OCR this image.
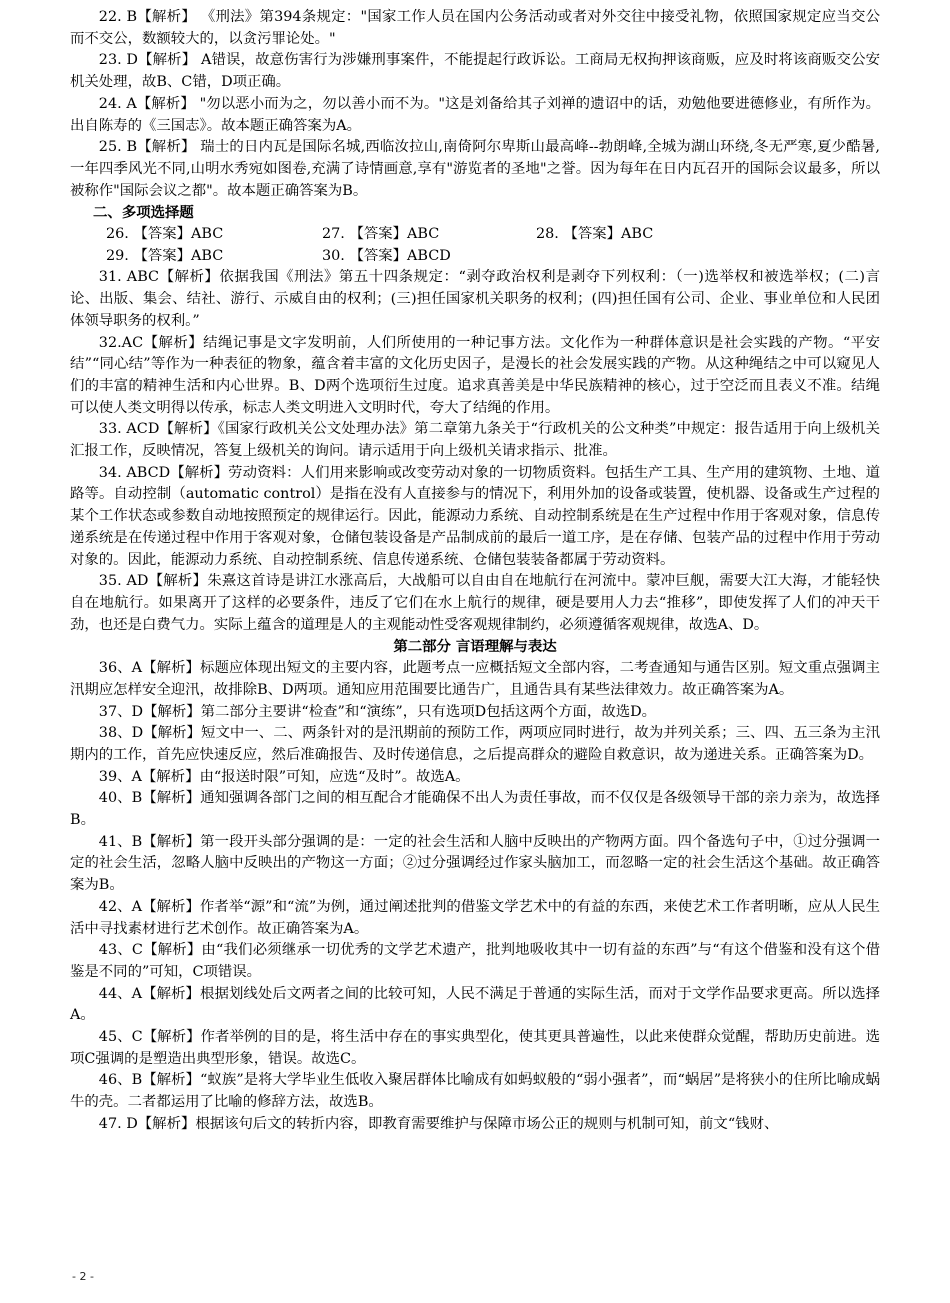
22. B【解析】 《刑法》第394条规定："国家工作人员在国内公务活动或者对外交往中接受礼物，依照国家规定应当交公而不交公，数额较大的，以贪污罪论处。"

23. D【解析】 A错误，故意伤害行为涉嫌刑事案件，不能提起行政诉讼。工商局无权拘押该商贩，应及时将该商贩交公安机关处理，故B、C错，D项正确。

24. A【解析】 "勿以恶小而为之，勿以善小而不为。"这是刘备给其子刘禅的遗诏中的话，劝勉他要进德修业，有所作为。出自陈寿的《三国志》。故本题正确答案为A。

25. B【解析】 瑞士的日内瓦是国际名城,西临汝拉山,南倚阿尔卑斯山最高峰--勃朗峰,全城为湖山环绕,冬无严寒,夏少酷暑,一年四季风光不同,山明水秀宛如图卷,充满了诗情画意,享有"游览者的圣地"之誉。因为每年在日内瓦召开的国际会议最多，所以被称作"国际会议之都"。故本题正确答案为B。

二、多项选择题

26. 【答案】ABC	27. 【答案】ABC	28. 【答案】ABC
29. 【答案】ABC	30. 【答案】ABCD

31. ABC【解析】依据我国《刑法》第五十四条规定：“剥夺政治权利是剥夺下列权利：（一)选举权和被选举权；(二)言论、出版、集会、结社、游行、示威自由的权利；(三)担任国家机关职务的权利；(四)担任国有公司、企业、事业单位和人民团体领导职务的权利。”

32.AC【解析】结绳记事是文字发明前，人们所使用的一种记事方法。文化作为一种群体意识是社会实践的产物。“平安结”“同心结”等作为一种表征的物象，蕴含着丰富的文化历史因子，是漫长的社会发展实践的产物。从这种绳结之中可以窥见人们的丰富的精神生活和内心世界。B、D两个选项衍生过度。追求真善美是中华民族精神的核心，过于空泛而且表义不准。结绳可以使人类文明得以传承，标志人类文明进入文明时代，夸大了结绳的作用。

33. ACD【解析】《国家行政机关公文处理办法》第二章第九条关于“行政机关的公文种类”中规定：报告适用于向上级机关汇报工作，反映情况，答复上级机关的询问。请示适用于向上级机关请求指示、批准。

34. ABCD【解析】劳动资料：人们用来影响或改变劳动对象的一切物质资料。包括生产工具、生产用的建筑物、土地、道路等。自动控制（automatic control）是指在没有人直接参与的情况下，利用外加的设备或装置，使机器、设备或生产过程的某个工作状态或参数自动地按照预定的规律运行。因此，能源动力系统、自动控制系统是在生产过程中作用于客观对象，信息传递系统是在传递过程中作用于客观对象，仓储包装设备是产品制成前的最后一道工序，是在存储、包装产品的过程中作用于劳动对象的。因此，能源动力系统、自动控制系统、信息传递系统、仓储包装装备都属于劳动资料。

35. AD【解析】朱熹这首诗是讲江水涨高后，大战船可以自由自在地航行在河流中。蒙冲巨舰，需要大江大海，才能轻快自在地航行。如果离开了这样的必要条件，违反了它们在水上航行的规律，硬是要用人力去“推移”，即使发挥了人们的冲天干劲，也还是白费气力。实际上蕴含的道理是人的主观能动性受客观规律制约，必须遵循客观规律，故选A、D。

第二部分 言语理解与表达

36、A【解析】标题应体现出短文的主要内容，此题考点一应概括短文全部内容，二考查通知与通告区别。短文重点强调主汛期应怎样安全迎汛，故排除B、D两项。通知应用范围要比通告广，且通告具有某些法律效力。故正确答案为A。

37、D【解析】第二部分主要讲“检查”和“演练”，只有选项D包括这两个方面，故选D。

38、D【解析】短文中一、二、两条针对的是汛期前的预防工作，两项应同时进行，故为并列关系；三、四、五三条为主汛期内的工作，首先应快速反应，然后准确报告、及时传递信息，之后提高群众的避险自救意识，故为递进关系。正确答案为D。

39、A【解析】由“报送时限”可知，应选“及时”。故选A。

40、B【解析】通知强调各部门之间的相互配合才能确保不出人为责任事故，而不仅仅是各级领导干部的亲力亲为，故选择B。

41、B【解析】第一段开头部分强调的是：一定的社会生活和人脑中反映出的产物两方面。四个备选句子中，①过分强调一定的社会生活，忽略人脑中反映出的产物这一方面；②过分强调经过作家头脑加工，而忽略一定的社会生活这个基础。故正确答案为B。

42、A【解析】作者举“源”和“流”为例，通过阐述批判的借鉴文学艺术中的有益的东西，来使艺术工作者明晰，应从人民生活中寻找素材进行艺术创作。故正确答案为A。

43、C【解析】由“我们必须继承一切优秀的文学艺术遗产，批判地吸收其中一切有益的东西”与“有这个借鉴和没有这个借鉴是不同的”可知，C项错误。

44、A【解析】根据划线处后文两者之间的比较可知，人民不满足于普通的实际生活，而对于文学作品要求更高。所以选择A。

45、C【解析】作者举例的目的是，将生活中存在的事实典型化，使其更具普遍性，以此来使群众觉醒，帮助历史前进。选项C强调的是塑造出典型形象，错误。故选C。

46、B【解析】“蚁族”是将大学毕业生低收入聚居群体比喻成有如蚂蚁般的“弱小强者”，而“蜗居”是将狭小的住所比喻成蜗牛的壳。二者都运用了比喻的修辞方法，故选B。

47. D【解析】根据该句后文的转折内容，即教育需要维护与保障市场公正的规则与机制可知，前文“钱财、

- 2 -
